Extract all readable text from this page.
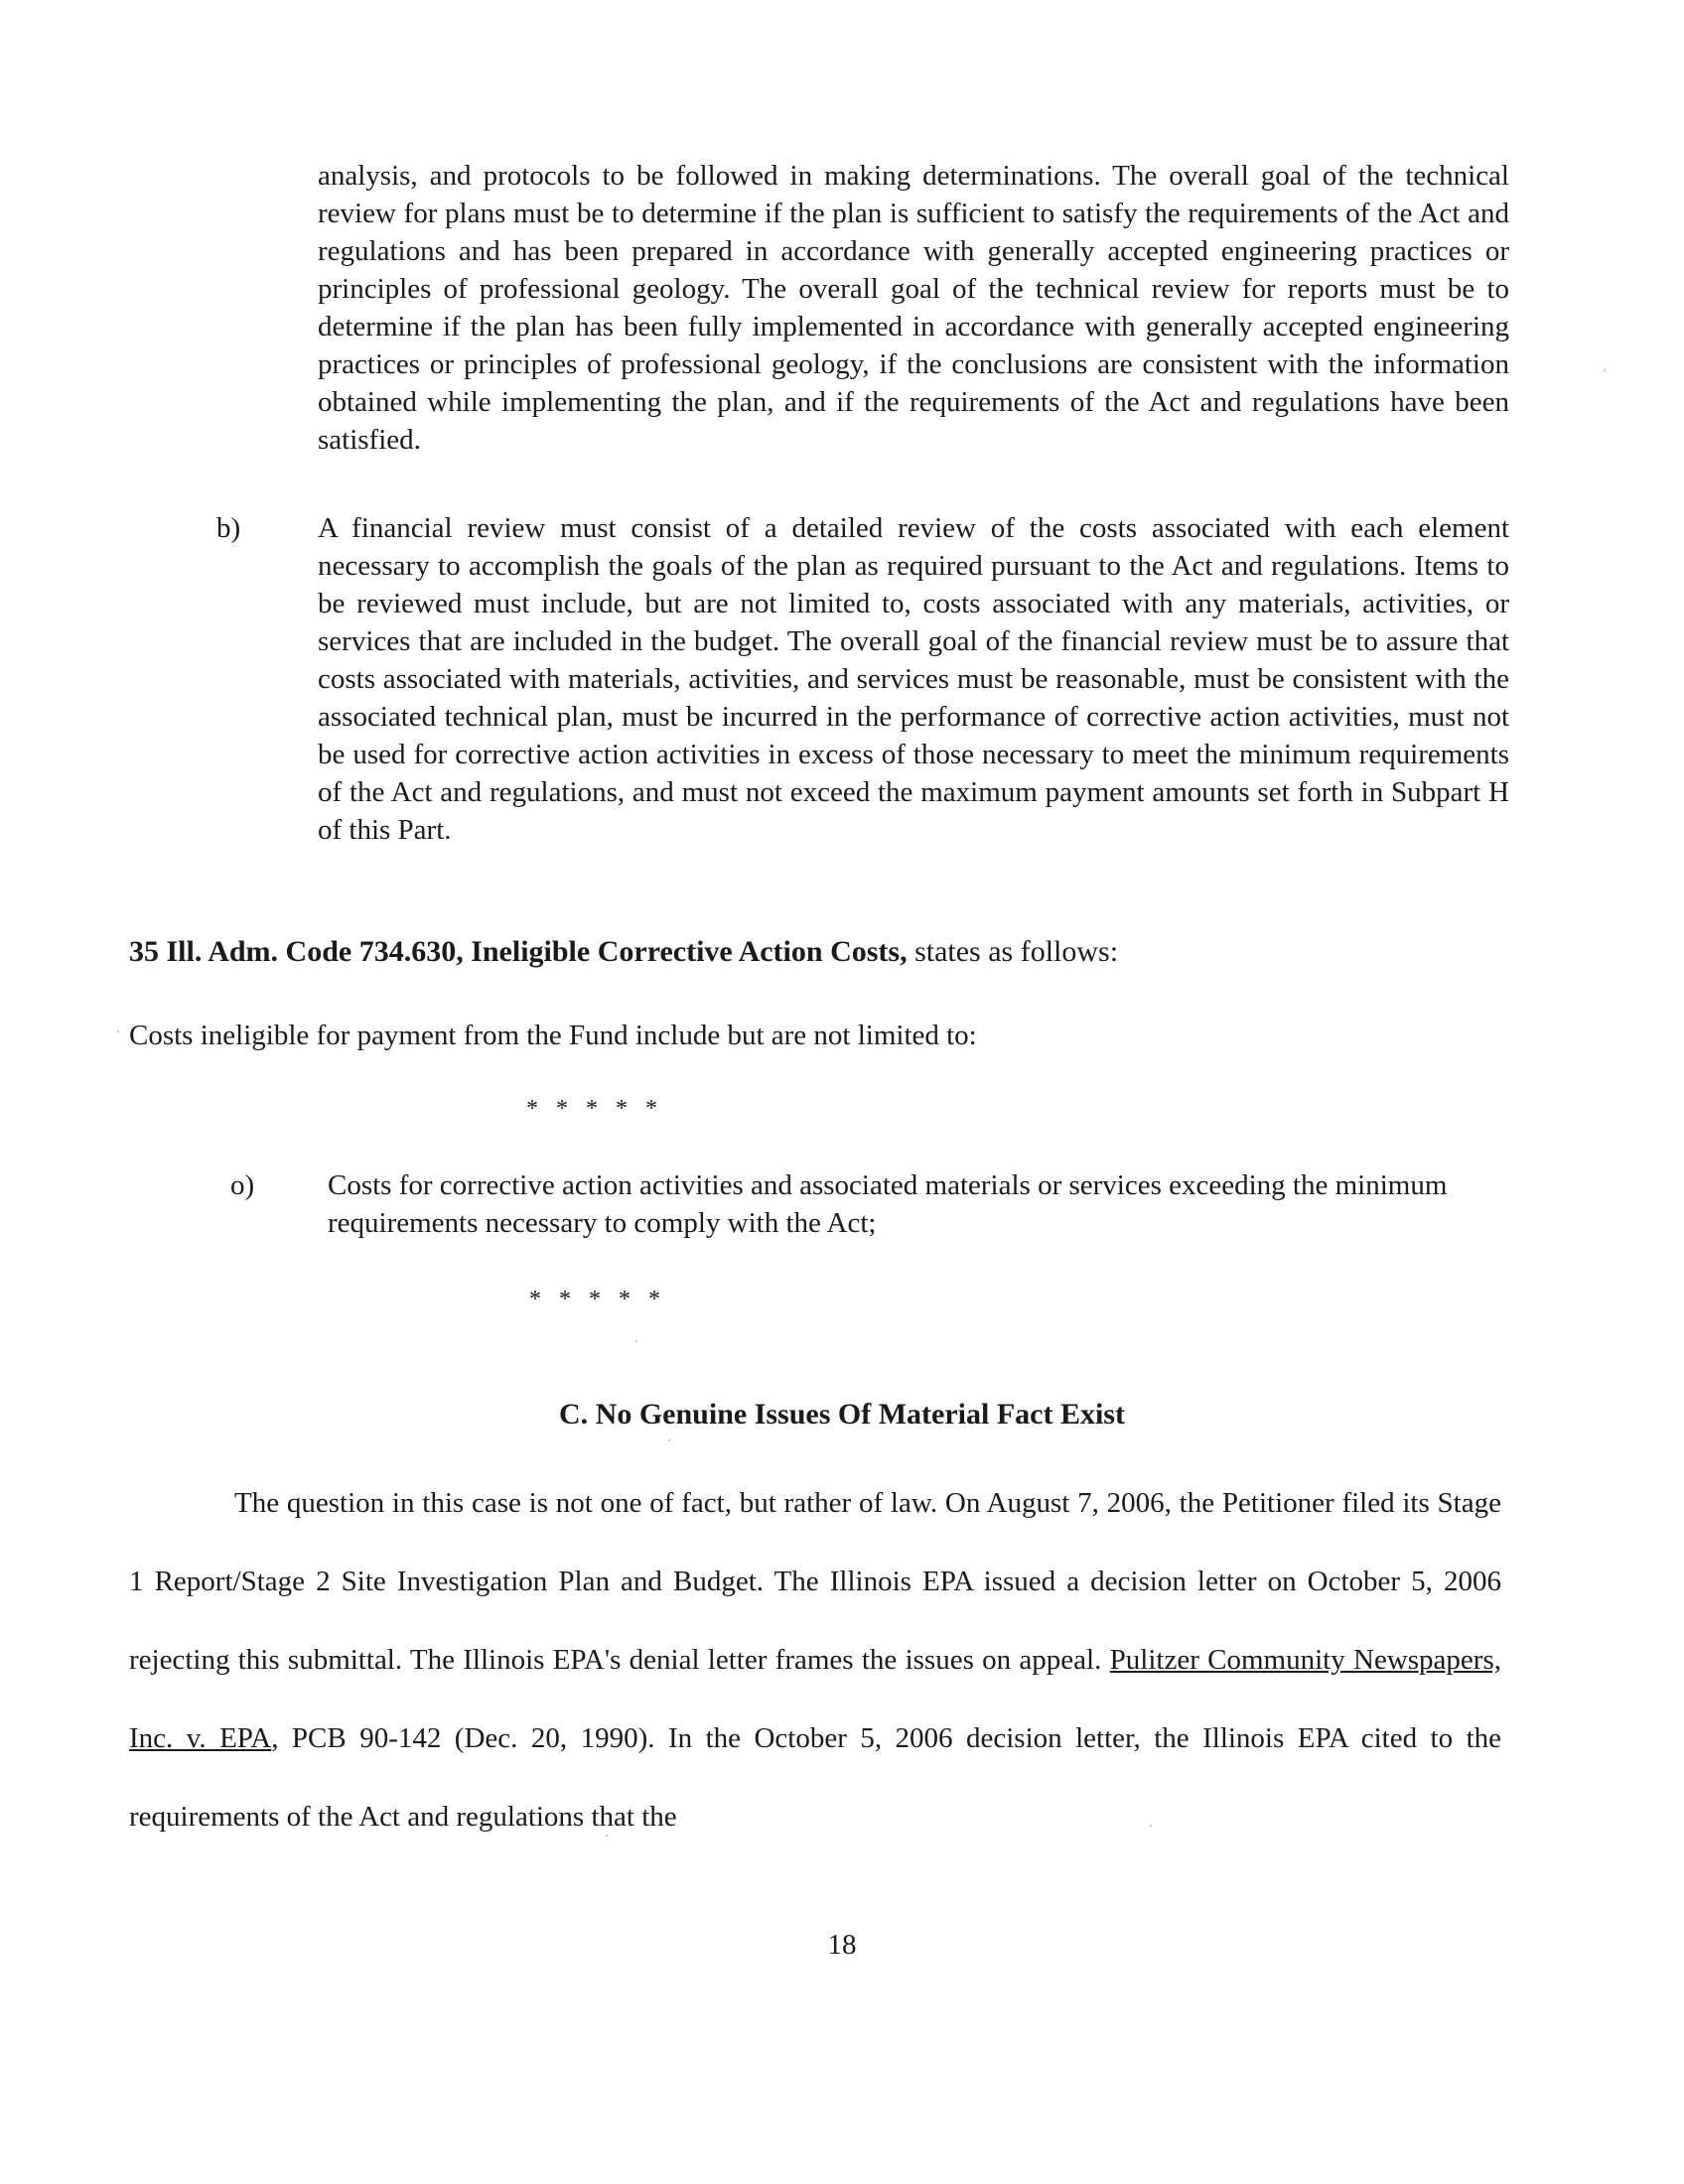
analysis, and protocols to be followed in making determinations. The overall goal of the technical review for plans must be to determine if the plan is sufficient to satisfy the requirements of the Act and regulations and has been prepared in accordance with generally accepted engineering practices or principles of professional geology. The overall goal of the technical review for reports must be to determine if the plan has been fully implemented in accordance with generally accepted engineering practices or principles of professional geology, if the conclusions are consistent with the information obtained while implementing the plan, and if the requirements of the Act and regulations have been satisfied.
b)	A financial review must consist of a detailed review of the costs associated with each element necessary to accomplish the goals of the plan as required pursuant to the Act and regulations. Items to be reviewed must include, but are not limited to, costs associated with any materials, activities, or services that are included in the budget. The overall goal of the financial review must be to assure that costs associated with materials, activities, and services must be reasonable, must be consistent with the associated technical plan, must be incurred in the performance of corrective action activities, must not be used for corrective action activities in excess of those necessary to meet the minimum requirements of the Act and regulations, and must not exceed the maximum payment amounts set forth in Subpart H of this Part.
35 Ill. Adm. Code 734.630, Ineligible Corrective Action Costs, states as follows:
Costs ineligible for payment from the Fund include but are not limited to:
* * * * *
o)	Costs for corrective action activities and associated materials or services exceeding the minimum requirements necessary to comply with the Act;
* * * * *
C. No Genuine Issues Of Material Fact Exist
The question in this case is not one of fact, but rather of law. On August 7, 2006, the Petitioner filed its Stage 1 Report/Stage 2 Site Investigation Plan and Budget. The Illinois EPA issued a decision letter on October 5, 2006 rejecting this submittal. The Illinois EPA's denial letter frames the issues on appeal. Pulitzer Community Newspapers, Inc. v. EPA, PCB 90-142 (Dec. 20, 1990). In the October 5, 2006 decision letter, the Illinois EPA cited to the requirements of the Act and regulations that the
18
